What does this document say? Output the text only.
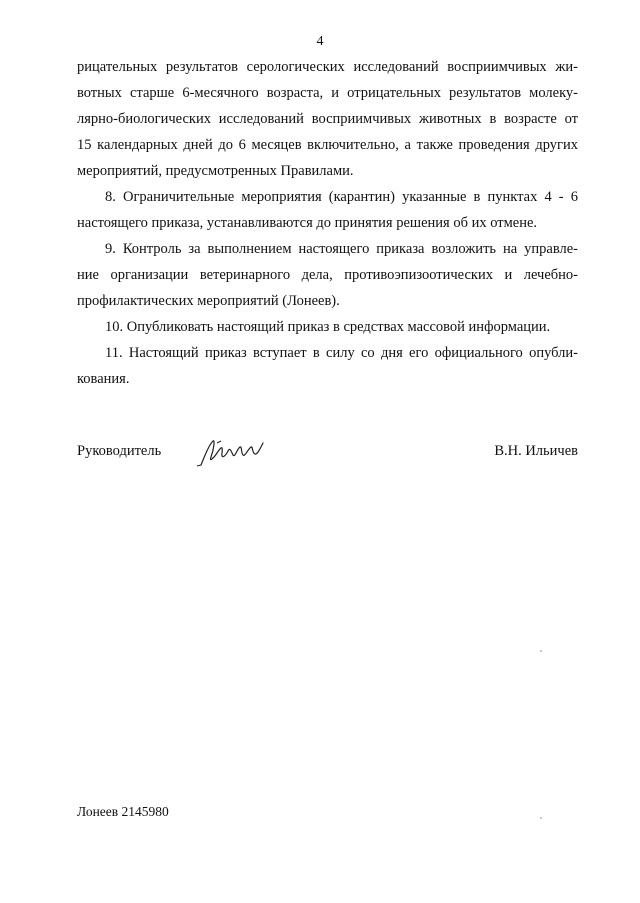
4
рицательных результатов серологических исследований восприимчивых жи-
вотных старше 6-месячного возраста, и отрицательных результатов молеку-
лярно-биологических исследований восприимчивых животных в возрасте от
15 календарных дней до 6 месяцев включительно, а также проведения других
мероприятий, предусмотренных Правилами.
8. Ограничительные мероприятия (карантин) указанные в пунктах 4 - 6
настоящего приказа, устанавливаются до принятия решения об их отмене.
9. Контроль за выполнением настоящего приказа возложить на управле-
ние организации ветеринарного дела, противоэпизоотических и лечебно-
профилактических мероприятий (Лонеев).
10. Опубликовать настоящий приказ в средствах массовой информации.
11. Настоящий приказ вступает в силу со дня его официального опубли-
кования.
Руководитель	В.Н. Ильичев
Лонеев 2145980
